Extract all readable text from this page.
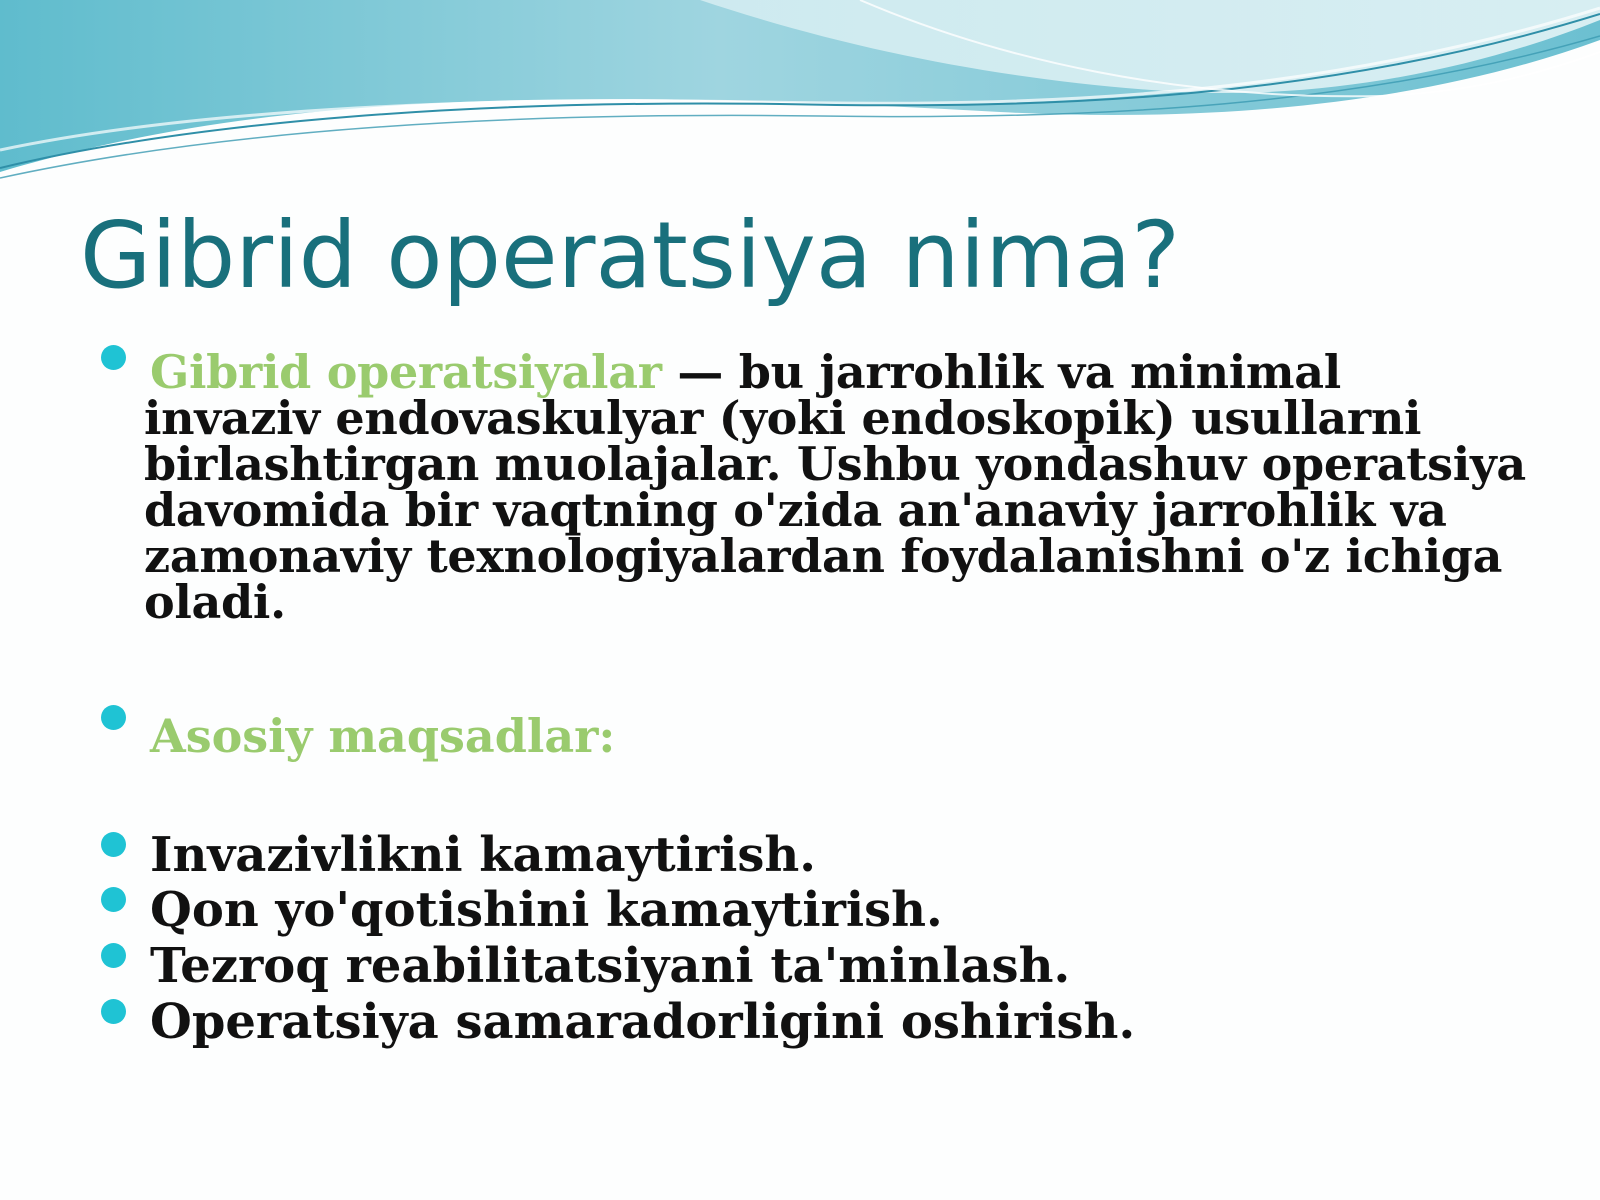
Gibrid operatsiya nima?

Gibrid operatsiyalar — bu jarrohlik va minimal
invaziv endovaskulyar (yoki endoskopik) usullarni
birlashtirgan muolajalar. Ushbu yondashuv operatsiya
davomida bir vaqtning o'zida an'anaviy jarrohlik va
zamonaviy texnologiyalardan foydalanishni o'z ichiga
oladi.

Asosiy maqsadlar:

Invazivlikni kamaytirish.

Qon yo'qotishini kamaytirish.

Tezroq reabilitatsiyani ta'minlash.

Operatsiya samaradorligini oshirish.
